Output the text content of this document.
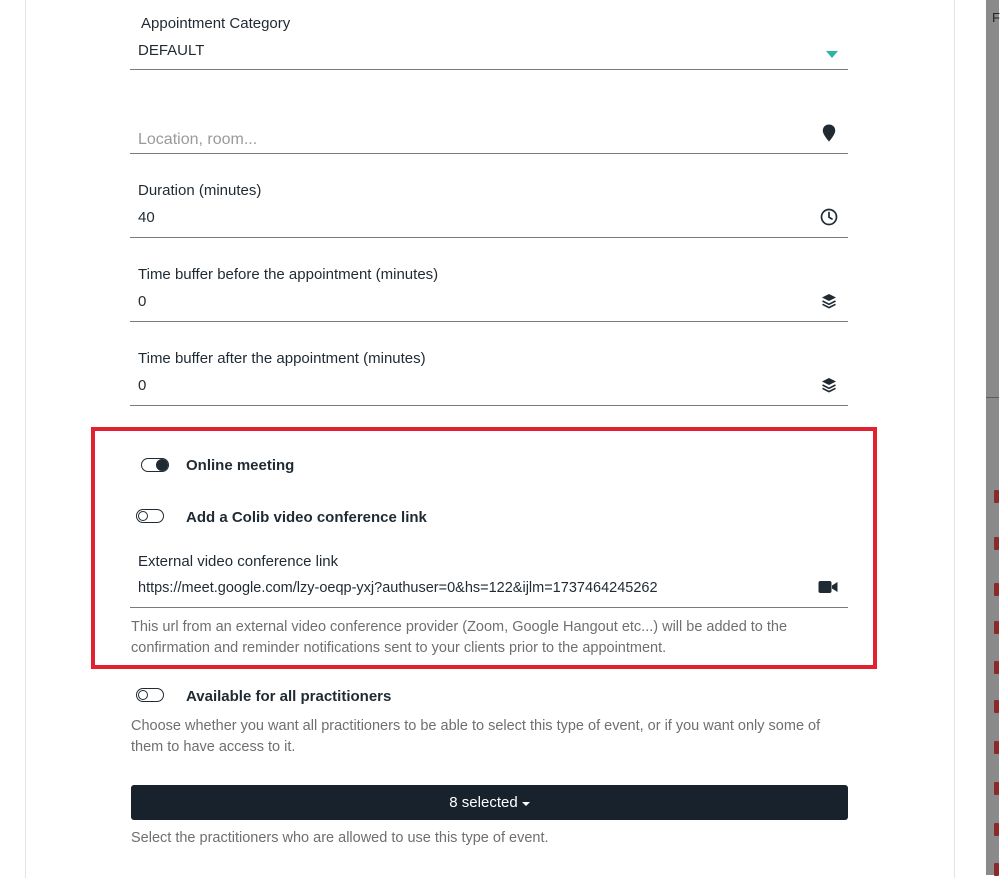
F
Appointment Category
DEFAULT
Location, room...
Duration (minutes)
40
Time buffer before the appointment (minutes)
0
Time buffer after the appointment (minutes)
0
Online meeting
Add a Colib video conference link
External video conference link
https://meet.google.com/lzy-oeqp-yxj?authuser=0&hs=122&ijlm=1737464245262
This url from an external video conference provider (Zoom, Google Hangout etc...) will be added to the confirmation and reminder notifications sent to your clients prior to the appointment.
Available for all practitioners
Choose whether you want all practitioners to be able to select this type of event, or if you want only some of them to have access to it.
8 selected
Select the practitioners who are allowed to use this type of event.
